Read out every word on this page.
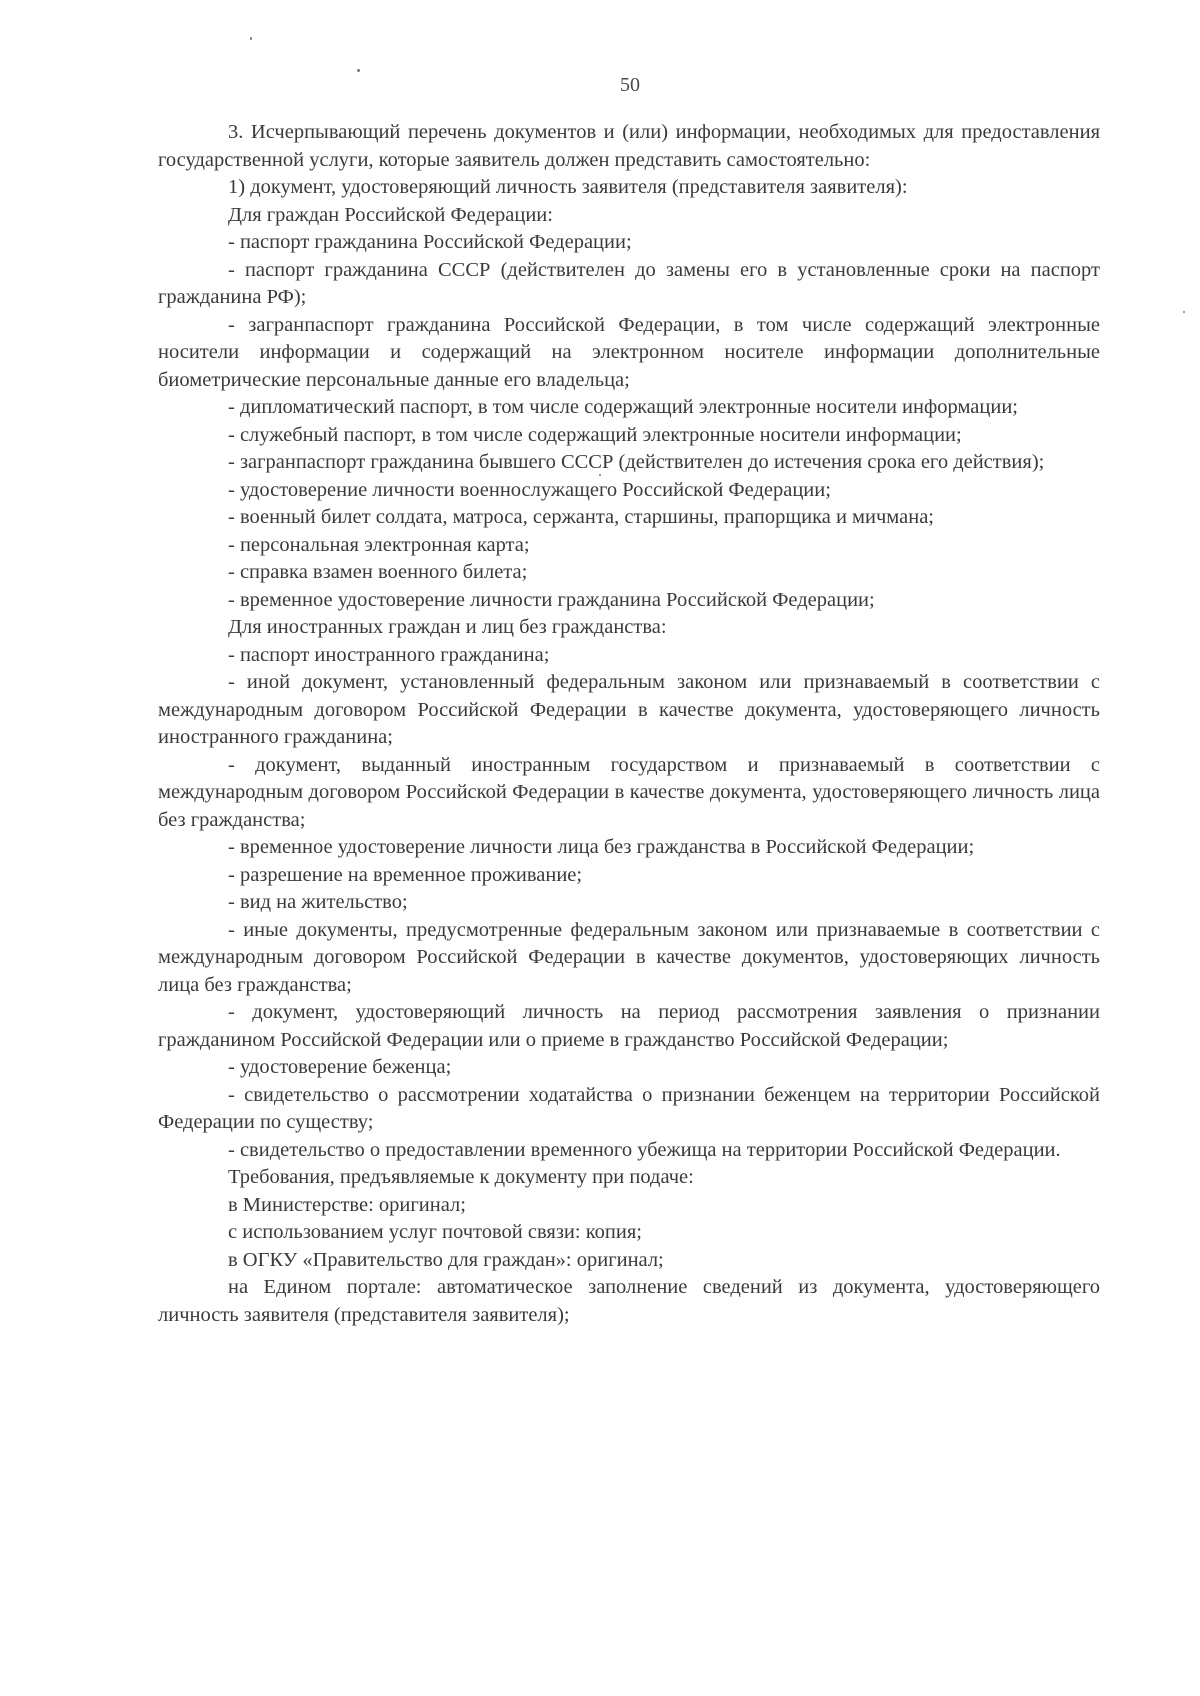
50

3. Исчерпывающий перечень документов и (или) информации, необходимых для предоставления государственной услуги, которые заявитель должен представить самостоятельно:

1) документ, удостоверяющий личность заявителя (представителя заявителя):

Для граждан Российской Федерации:

- паспорт гражданина Российской Федерации;

- паспорт гражданина СССР (действителен до замены его в установленные сроки на паспорт гражданина РФ);

- загранпаспорт гражданина Российской Федерации, в том числе содержащий электронные носители информации и содержащий на электронном носителе информации дополнительные биометрические персональные данные его владельца;

- дипломатический паспорт, в том числе содержащий электронные носители информации;

- служебный паспорт, в том числе содержащий электронные носители информации;

- загранпаспорт гражданина бывшего СССР (действителен до истечения срока его действия);

- удостоверение личности военнослужащего Российской Федерации;

- военный билет солдата, матроса, сержанта, старшины, прапорщика и мичмана;

- персональная электронная карта;

- справка взамен военного билета;

- временное удостоверение личности гражданина Российской Федерации;

Для иностранных граждан и лиц без гражданства:

- паспорт иностранного гражданина;

- иной документ, установленный федеральным законом или признаваемый в соответствии с международным договором Российской Федерации в качестве документа, удостоверяющего личность иностранного гражданина;

- документ, выданный иностранным государством и признаваемый в соответствии с международным договором Российской Федерации в качестве документа, удостоверяющего личность лица без гражданства;

- временное удостоверение личности лица без гражданства в Российской Федерации;

- разрешение на временное проживание;

- вид на жительство;

- иные документы, предусмотренные федеральным законом или признаваемые в соответствии с международным договором Российской Федерации в качестве документов, удостоверяющих личность лица без гражданства;

- документ, удостоверяющий личность на период рассмотрения заявления о признании гражданином Российской Федерации или о приеме в гражданство Российской Федерации;

- удостоверение беженца;

- свидетельство о рассмотрении ходатайства о признании беженцем на территории Российской Федерации по существу;

- свидетельство о предоставлении временного убежища на территории Российской Федерации.

Требования, предъявляемые к документу при подаче:

в Министерстве: оригинал;

с использованием услуг почтовой связи: копия;

в ОГКУ «Правительство для граждан»: оригинал;

на Едином портале: автоматическое заполнение сведений из документа, удостоверяющего личность заявителя (представителя заявителя);
